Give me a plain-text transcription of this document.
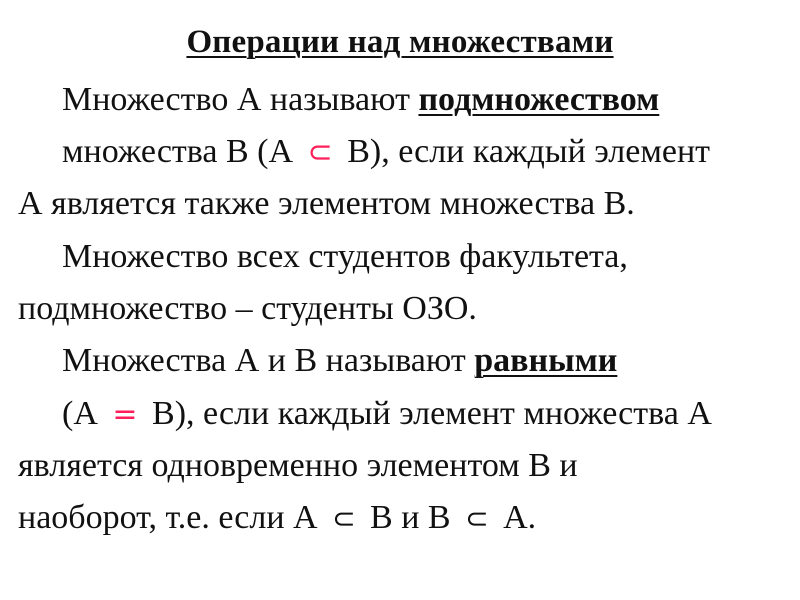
Операции над множествами
Множество А называют подмножеством
множества В (А ⊂ В), если каждый элемент
А является также элементом множества В.
Множество всех студентов факультета,
подмножество – студенты ОЗО.
Множества А и В называют равными
(А = В), если каждый элемент множества А
является одновременно элементом В и
наоборот, т.е. если А ⊂ В и В ⊂ А.
